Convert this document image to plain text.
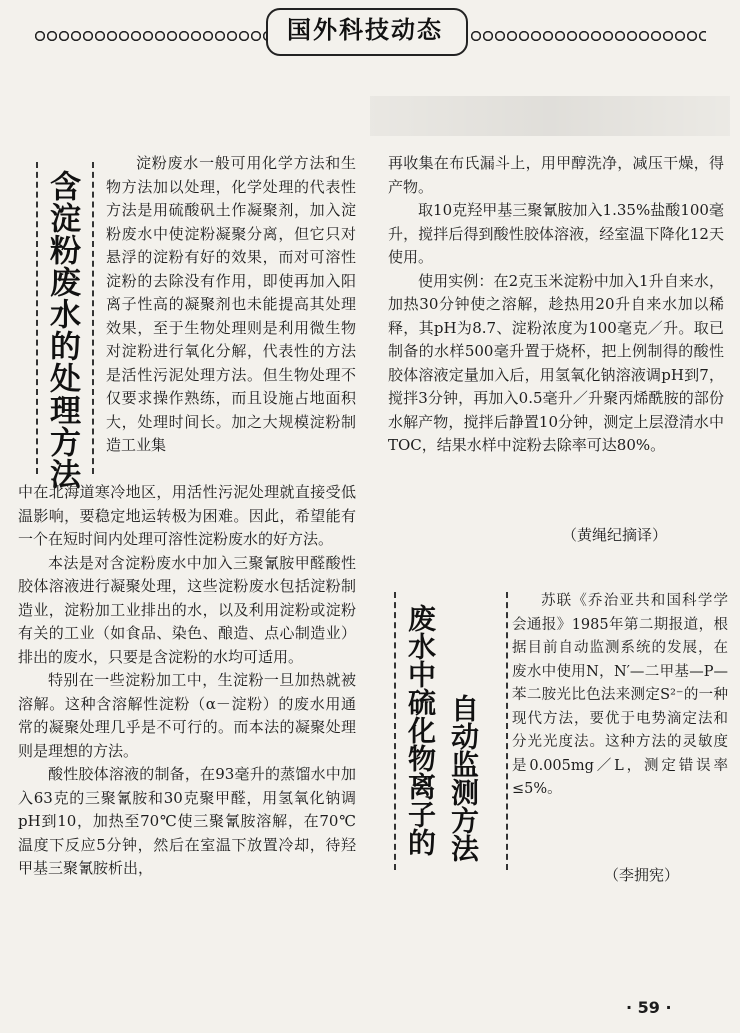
国外科技动态
含淀粉废水的处理方法

淀粉废水一般可用化学方法和生物方法加以处理，化学处理的代表性方法是用硫酸矾土作凝聚剂，加入淀粉废水中使淀粉凝聚分离，但它只对悬浮的淀粉有好的效果，而对可溶性淀粉的去除没有作用，即使再加入阳离子性高的凝聚剂也未能提高其处理效果，至于生物处理则是利用微生物对淀粉进行氧化分解，代表性的方法是活性污泥处理方法。但生物处理不仅要求操作熟练，而且设施占地面积大，处理时间长。加之大规模淀粉制造工业集

中在北海道寒冷地区，用活性污泥处理就直接受低温影响，要稳定地运转极为困难。因此，希望能有一个在短时间内处理可溶性淀粉废水的好方法。

本法是对含淀粉废水中加入三聚氰胺甲醛酸性胶体溶液进行凝聚处理，这些淀粉废水包括淀粉制造业，淀粉加工业排出的水，以及利用淀粉或淀粉有关的工业（如食品、染色、酿造、点心制造业）排出的废水，只要是含淀粉的水均可适用。

特别在一些淀粉加工中，生淀粉一旦加热就被溶解。这种含溶解性淀粉（α－淀粉）的废水用通常的凝聚处理几乎是不可行的。而本法的凝聚处理则是理想的方法。

酸性胶体溶液的制备，在93毫升的蒸馏水中加入63克的三聚氰胺和30克聚甲醛，用氢氧化钠调pH到10，加热至70℃使三聚氰胺溶解，在70℃温度下反应5分钟，然后在室温下放置冷却，待羟甲基三聚氰胺析出，

再收集在布氏漏斗上，用甲醇洗净，减压干燥，得产物。

取10克羟甲基三聚氰胺加入1.35%盐酸100毫升，搅拌后得到酸性胶体溶液，经室温下降化12天使用。

使用实例：在2克玉米淀粉中加入1升自来水，加热30分钟使之溶解，趁热用20升自来水加以稀释，其pH为8.7、淀粉浓度为100毫克／升。取已制备的水样500毫升置于烧杯，把上例制得的酸性胶体溶液定量加入后，用氢氧化钠溶液调pH到7，搅拌3分钟，再加入0.5毫升／升聚丙烯酰胺的部份水解产物，搅拌后静置10分钟，测定上层澄清水中TOC，结果水样中淀粉去除率可达80%。

（黄绳纪摘译）
废水中硫化物离子的 自动监测方法

苏联《乔治亚共和国科学学会通报》1985年第二期报道，根据目前自动监测系统的发展，在废水中使用N，N′—二甲基—P—苯二胺光比色法来测定S²⁻的一种现代方法，要优于电势滴定法和分光光度法。这种方法的灵敏度是0.005mg／L，测定错误率≤5%。

（李拥宪）
· 59 ·
